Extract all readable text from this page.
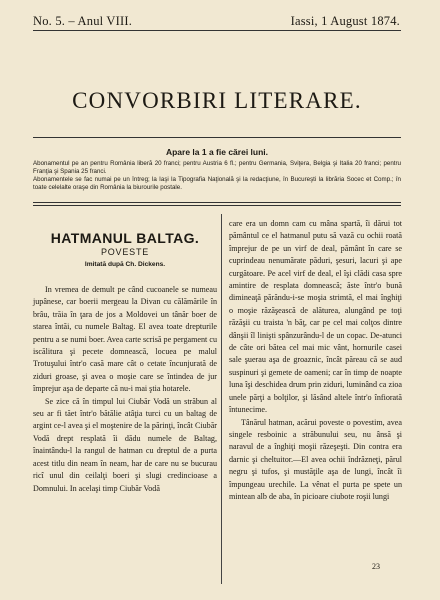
No. 5. – Anul VIII.	Iassi, 1 August 1874.
CONVORBIRI LITERARE.
Apare la 1 a fie cărei luni.
Abonamentul pe an pentru România liberă 20 franci; pentru Austria 6 fl.; pentru Germania, Sviţera, Belgia şi Italia 20 franci; pentru Franţia şi Spania 25 franci.
Abonamentele se fac numai pe un întreg; la Iaşi la Tipografia Naţională şi la redacţiune, în Bucureşti la librăria Socec et Comp.; în toate celelalte oraşe din România la biurourile postale.
HATMANUL BALTAG.
POVESTE
Imitată după Ch. Dickens.

In vremea de demult pe când cucoanele se numeau jupânese, car boerii mergeau la Divan cu călămările în brâu, trăia în ţara de jos a Moldovei un tânăr boer de starea întăi, cu numele Baltag. El avea toate drepturile pentru a se numi boer. Avea carte scrisă pe pergament cu iscălitura şi pecete domnească, locuea pe malul Trotuşului într'o casă mare cât o cetate încunjurată de ziduri groase, şi avea o moşie care se întindea de jur împrejur aşa de departe că nu-i mai ştia hotarele.

Se zice că în timpul lui Ciubăr Vodă un străbun al seu ar fi tăet într'o bătălie atâţia turci cu un baltag de argint ce-l avea şi el moştenire de la părinţi, încât Ciubăr Vodă drept resplată îi dădu numele de Baltag, înaintându-l la rangul de hatman cu dreptul de a purta acest titlu din neam în neam, har de care nu se bucurau ricî unul din ceilalţi boeri şi slugi credincioase a Domnului. In acelaşi timp Ciubăr Vodă

care era un domn cam cu mâna spartă, îi dărui tot pământul ce el hatmanul putu să vază cu ochii roată împrejur de pe un virf de deal, pământ în care se cuprindeau nenumărate păduri, şesuri, lacuri şi ape curgătoare. Pe acel virf de deal, el îşi clădi casa spre amintire de resplata domnească; ăste într'o bună dimineaţă părăndu-i-se moşia strimtă, el mai înghiţi o moşie răzăşească de alăturea, alungând pe toţi răzăşii cu traista 'n băţ, car pe cel mai colţos dintre dânşii îl linişti spânzurându-l de un copac. De-atunci de câte ori bătea cel mai mic vânt, hornurile casei sale şuerau aşa de groaznic, încât păreau că se aud suspinuri şi gemete de oameni; car în timp de noapte luna îşi deschidea drum prin ziduri, luminând ca zioa unele părţi a bolţilor, şi lăsând altele într'o înfiorată întunecime.

Tânărul hatman, acărui poveste o povestim, avea singele resboinic a străbunului seu, nu ânsă şi naravul de a înghiţi moşii răzeşeşti. Din contra era darnic şi cheltuitor.—El avea ochii îndrăzneţi, părul negru şi tufos, şi mustăţile aşa de lungi, încât îi împungeau urechile. La vênat el purta pe spete un mintean alb de aba, în picioare ciubote roşii lungi

23
